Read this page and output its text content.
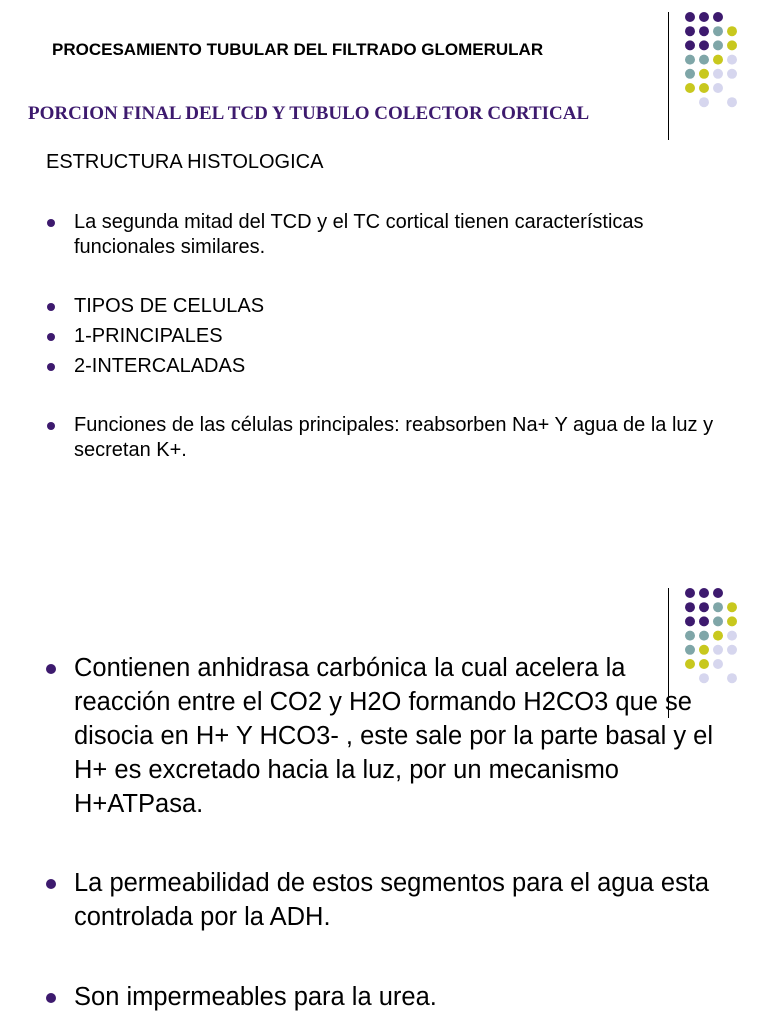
PROCESAMIENTO TUBULAR DEL FILTRADO GLOMERULAR
PORCION FINAL DEL TCD Y TUBULO COLECTOR CORTICAL
ESTRUCTURA HISTOLOGICA
La segunda mitad del TCD y el TC cortical tienen características funcionales similares.
TIPOS DE CELULAS
1-PRINCIPALES
2-INTERCALADAS
Funciones de las células principales: reabsorben Na+ Y agua de la luz y secretan K+.
Contienen anhidrasa carbónica la cual acelera la reacción entre el CO2 y H2O formando H2CO3 que se disocia en H+ Y HCO3- , este sale por la parte basal y el H+ es excretado hacia la luz, por un mecanismo H+ATPasa.
La permeabilidad de estos segmentos para el agua esta controlada por la ADH.
Son impermeables para la urea.
